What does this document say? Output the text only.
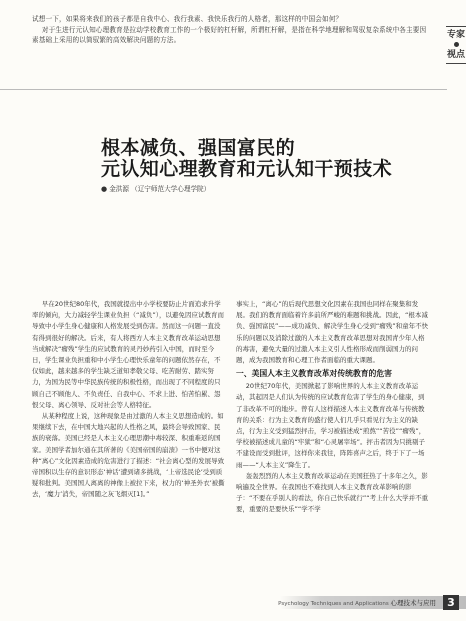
试想一下，如果将来我们的孩子都是自我中心、我行我素、我快乐我行的人格者，那这样的中国会如何？

对于生进行元认知心理教育是拉动学校教育工作的一个极好的杠杆解，所谓杠杆解，是指在科学地理解和驾驭复杂系统中各主要因素基础上采用的以简驭繁的高效解决问题的方法。

专家

视点
根本减负、强国富民的
元认知心理教育和元认知干预技术
● 金洪源 （辽宁师范大学心理学院）

早在20世纪80年代，我国就提出中小学校要防止片面追求升学率的倾向，大力减轻学生课业负担（“减负”），以避免因应试教育而导致中小学生身心健康和人格发展受到伤害。然而这一问题一直没有得到很好的解决。后来，有人将西方人本主义教育改革运动思想当成解决“瘤残”学生的应试教育的灵丹妙药引入中国，而时至今日，学生课业负担重和中小学生心理快乐童年的问题依然存在，不仅如此，越来越多的学生缺乏道知孝敬父母、吃苦耐劳、踏实努力，为国为民等中华民族传统的积极性格，而出现了不同程度的只顾自己不顾他人、不负责任、自我中心、不求上进、怕苦怕累、怨恨父母、离心领导、反对社会等人格特征。

从某种程度上说，这种现象是由过激的人本主义思想造成的。如果继续下去，在中国大地兴起的人性格之风，最终会导致国家、民族的衰落。美国已经是人本主义心理思潮中毒较深、积重难返的国家。美国学者加尔通在其所著的《美国帝国的崩溃》一书中便对这种“离心”文化因素造成的危害进行了描述：“社会离心型的发展导致帝国积以生存的意识形态‘神话’遭到诸多挑战，‘上帝选民论’受到质疑和批判。美国国人离离的神像上被拉下来，权力的‘神圣外衣’被撕去，‘魔力’消失，帝国随之灰飞烟灭[1]。”

事实上，“离心”的后现代思想文化因素在我国也同样在聚集和发展。我们的教育面临着许多前所严峻的难题和挑战。因此，“根本减负、强国富民”——成功减负、解决学生身心受到“瘤残”和童年不快乐的问题以及消除过激的人本主义教育改革思想对我国青少年人格的毒害，避免大量的过激人本主义引人性格形成而削弱国力的问题，成为我国教育和心理工作者面临的重大课题。

一、美国人本主义教育改革对传统教育的危害

20世纪70年代，美国掀起了影响世界的人本主义教育改革运动，其起因是人们认为传统的应试教育危害了学生的身心健康，到了非改革不可的地步。曾有人这样描述人本主义教育改革与传统教育的关系：行为主义教育的盛行使人们几乎只看见行为主义的缺点，行为主义受到猛烈抨击，学习被描述成“煎熬”“苦役”“瘤残”，学校被描述成儿童的“牢狱”和“心灵屠宰场”。抨击者因为只挑剔子不建设而受到批评，这样你来我往，阵阵喜声之后，终于下了一场雨——“人本主义”降生了。

轰轰烈烈的人本主义教育改革运动在美国狂热了十多年之久，影响遍及全世界。在我国也不难找到人本主义教育改革影响的影子：“不要在乎别人的看法，你自己快乐就行”“考上什么大学并不重要，重要的是要快乐”“学不学

Psychology Techniques and Applications 心理技术与应用	3
